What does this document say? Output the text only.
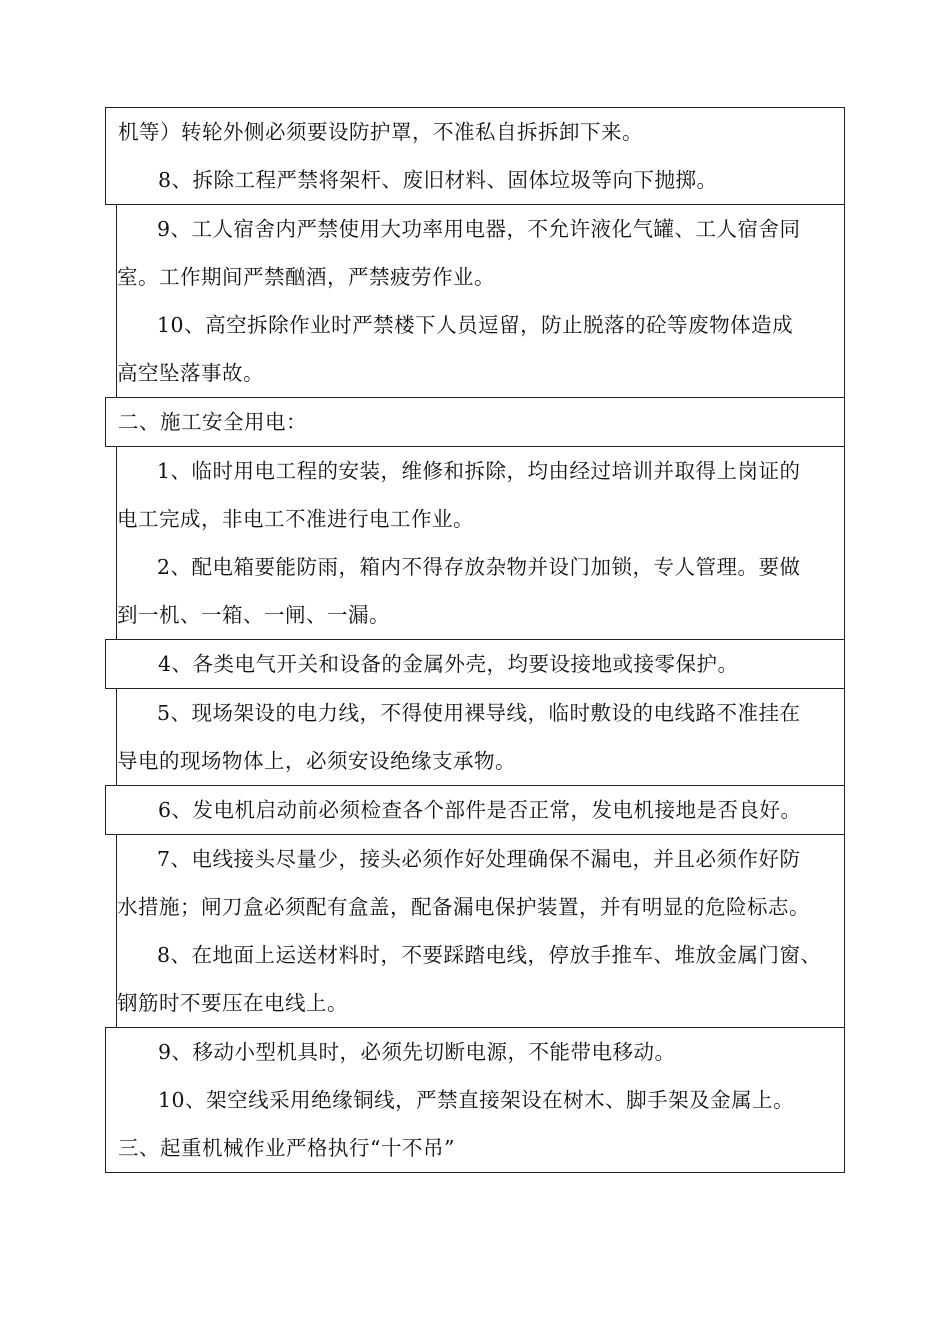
机等）转轮外侧必须要设防护罩，不准私自拆拆卸下来。
8、拆除工程严禁将架杆、废旧材料、固体垃圾等向下抛掷。
9、工人宿舍内严禁使用大功率用电器，不允许液化气罐、工人宿舍同
室。工作期间严禁酗酒，严禁疲劳作业。
10、高空拆除作业时严禁楼下人员逗留，防止脱落的砼等废物体造成
高空坠落事故。
二、施工安全用电：
1、临时用电工程的安装，维修和拆除，均由经过培训并取得上岗证的
电工完成，非电工不准进行电工作业。
2、配电箱要能防雨，箱内不得存放杂物并设门加锁，专人管理。要做
到一机、一箱、一闸、一漏。
4、各类电气开关和设备的金属外壳，均要设接地或接零保护。
5、现场架设的电力线，不得使用裸导线，临时敷设的电线路不准挂在
导电的现场物体上，必须安设绝缘支承物。
6、发电机启动前必须检查各个部件是否正常，发电机接地是否良好。
7、电线接头尽量少，接头必须作好处理确保不漏电，并且必须作好防
水措施；闸刀盒必须配有盒盖，配备漏电保护装置，并有明显的危险标志。
8、在地面上运送材料时，不要踩踏电线，停放手推车、堆放金属门窗、
钢筋时不要压在电线上。
9、移动小型机具时，必须先切断电源，不能带电移动。
10、架空线采用绝缘铜线，严禁直接架设在树木、脚手架及金属上。
三、起重机械作业严格执行“十不吊”
